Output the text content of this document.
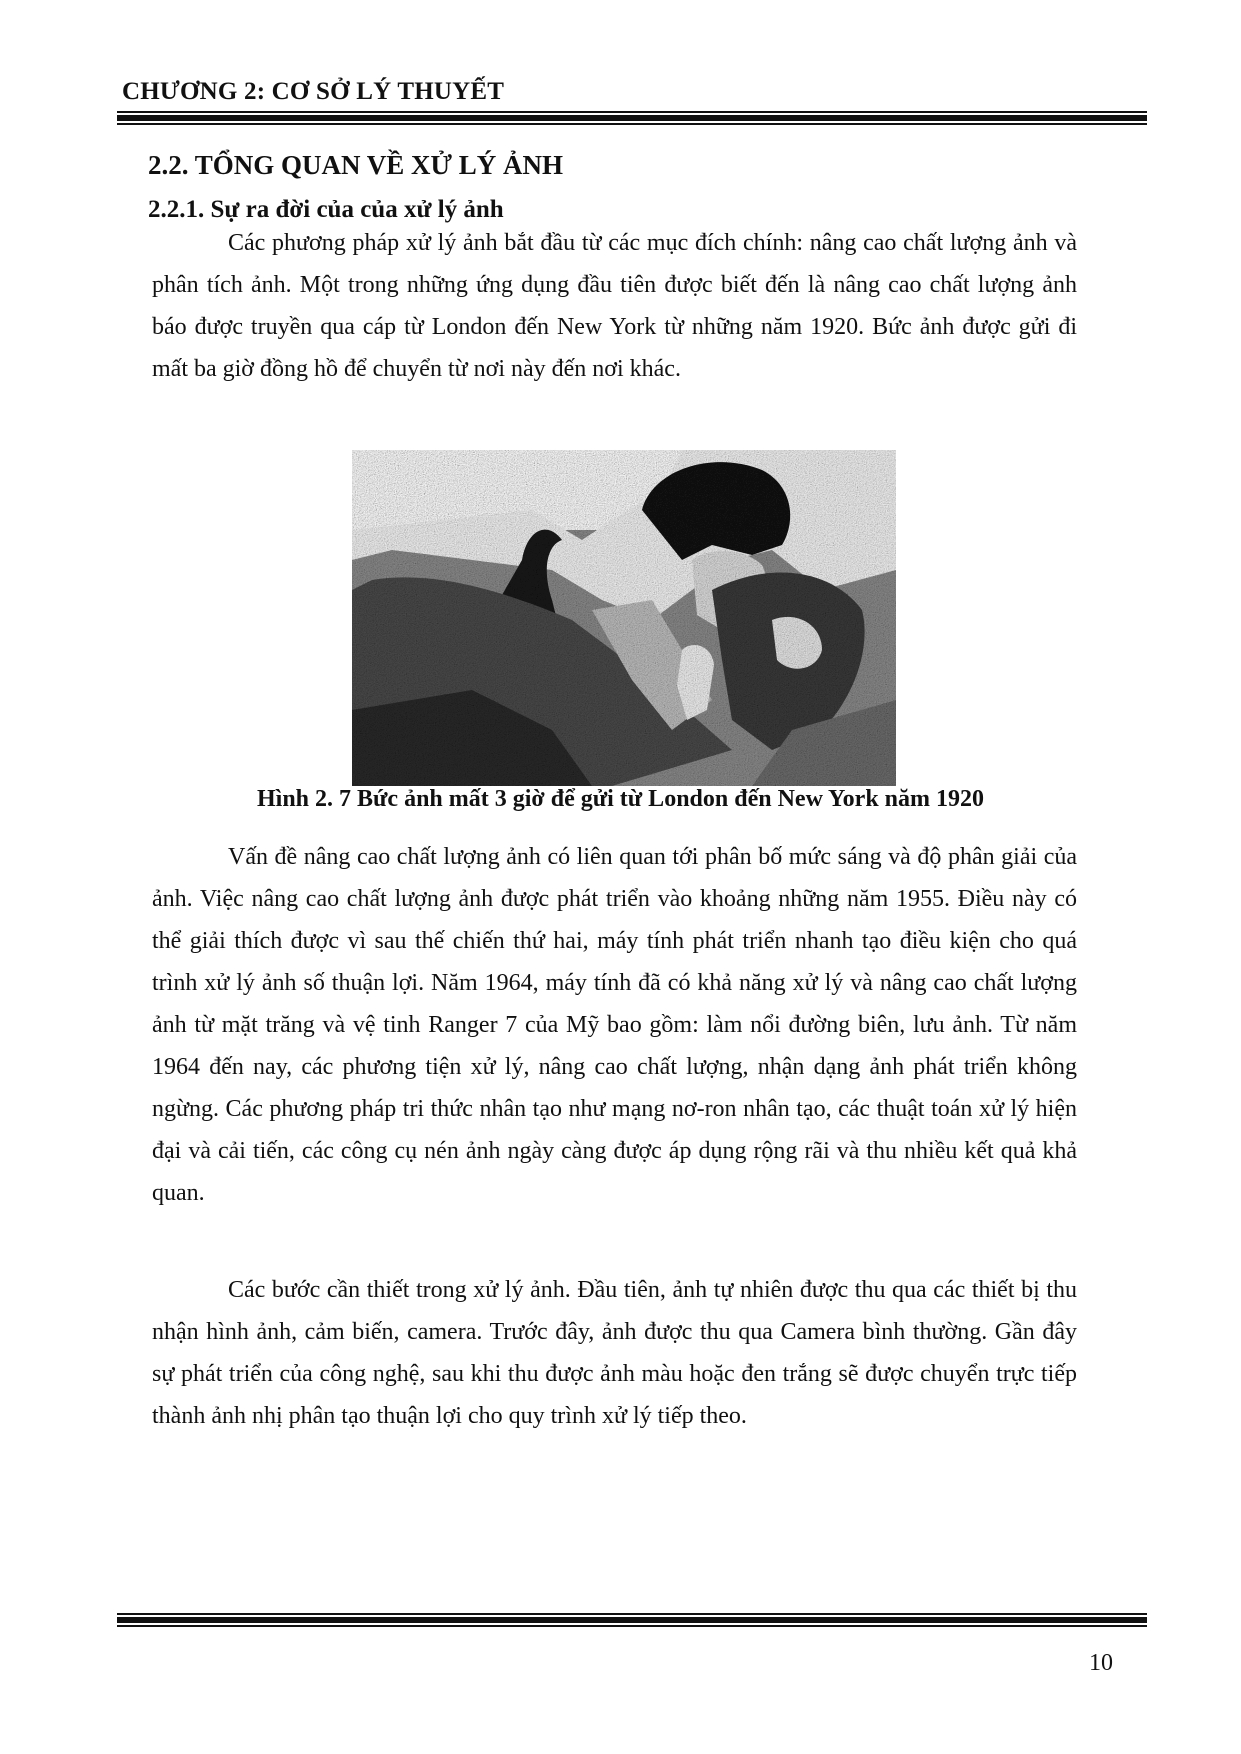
CHƯƠNG 2: CƠ SỞ LÝ THUYẾT
2.2. TỔNG QUAN VỀ XỬ LÝ ẢNH
2.2.1. Sự ra đời của của xử lý ảnh
Các phương pháp xử lý ảnh bắt đầu từ các mục đích chính: nâng cao chất lượng ảnh và phân tích ảnh. Một trong những ứng dụng đầu tiên được biết đến là nâng cao chất lượng ảnh báo được truyền qua cáp từ London đến New York từ những năm 1920. Bức ảnh được gửi đi mất ba giờ đồng hồ để chuyển từ nơi này đến nơi khác.
Hình 2. 7 Bức ảnh mất 3 giờ để gửi từ London đến New York năm 1920
Vấn đề nâng cao chất lượng ảnh có liên quan tới phân bố mức sáng và độ phân giải của ảnh. Việc nâng cao chất lượng ảnh được phát triển vào khoảng những năm 1955. Điều này có thể giải thích được vì sau thế chiến thứ hai, máy tính phát triển nhanh tạo điều kiện cho quá trình xử lý ảnh số thuận lợi. Năm 1964, máy tính đã có khả năng xử lý và nâng cao chất lượng ảnh từ mặt trăng và vệ tinh Ranger 7 của Mỹ bao gồm: làm nổi đường biên, lưu ảnh. Từ năm 1964 đến nay, các phương tiện xử lý, nâng cao chất lượng, nhận dạng ảnh phát triển không ngừng. Các phương pháp tri thức nhân tạo như mạng nơ-ron nhân tạo, các thuật toán xử lý hiện đại và cải tiến, các công cụ nén ảnh ngày càng được áp dụng rộng rãi và thu nhiều kết quả khả quan.
Các bước cần thiết trong xử lý ảnh. Đầu tiên, ảnh tự nhiên được thu qua các thiết bị thu nhận hình ảnh, cảm biến, camera. Trước đây, ảnh được thu qua Camera bình thường. Gần đây sự phát triển của công nghệ, sau khi thu được ảnh màu hoặc đen trắng sẽ được chuyển trực tiếp thành ảnh nhị phân tạo thuận lợi cho quy trình xử lý tiếp theo.
10
